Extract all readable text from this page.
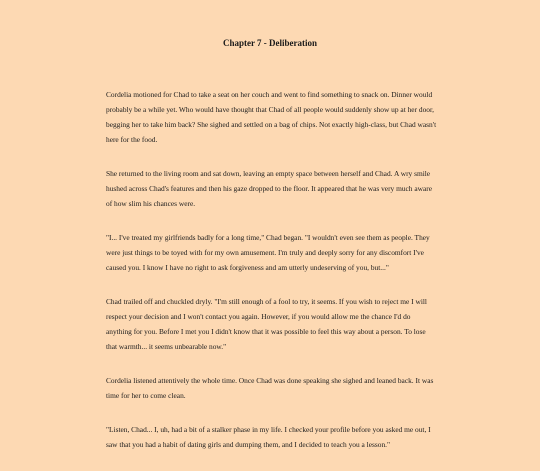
Chapter 7 - Deliberation

Cordelia motioned for Chad to take a seat on her couch and went to find something to snack on. Dinner would probably be a while yet. Who would have thought that Chad of all people would suddenly show up at her door, begging her to take him back? She sighed and settled on a bag of chips. Not exactly high-class, but Chad wasn't here for the food.

She returned to the living room and sat down, leaving an empty space between herself and Chad. A wry smile hushed across Chad's features and then his gaze dropped to the floor. It appeared that he was very much aware of how slim his chances were.

"I... I've treated my girlfriends badly for a long time," Chad began. "I wouldn't even see them as people. They were just things to be toyed with for my own amusement. I'm truly and deeply sorry for any discomfort I've caused you. I know I have no right to ask forgiveness and am utterly undeserving of you, but..."

Chad trailed off and chuckled dryly. "I'm still enough of a fool to try, it seems. If you wish to reject me I will respect your decision and I won't contact you again. However, if you would allow me the chance I'd do anything for you. Before I met you I didn't know that it was possible to feel this way about a person. To lose that warmth... it seems unbearable now."

Cordelia listened attentively the whole time. Once Chad was done speaking she sighed and leaned back. It was time for her to come clean.

"Listen, Chad... I, uh, had a bit of a stalker phase in my life. I checked your profile before you asked me out, I saw that you had a habit of dating girls and dumping them, and I decided to teach you a lesson."
